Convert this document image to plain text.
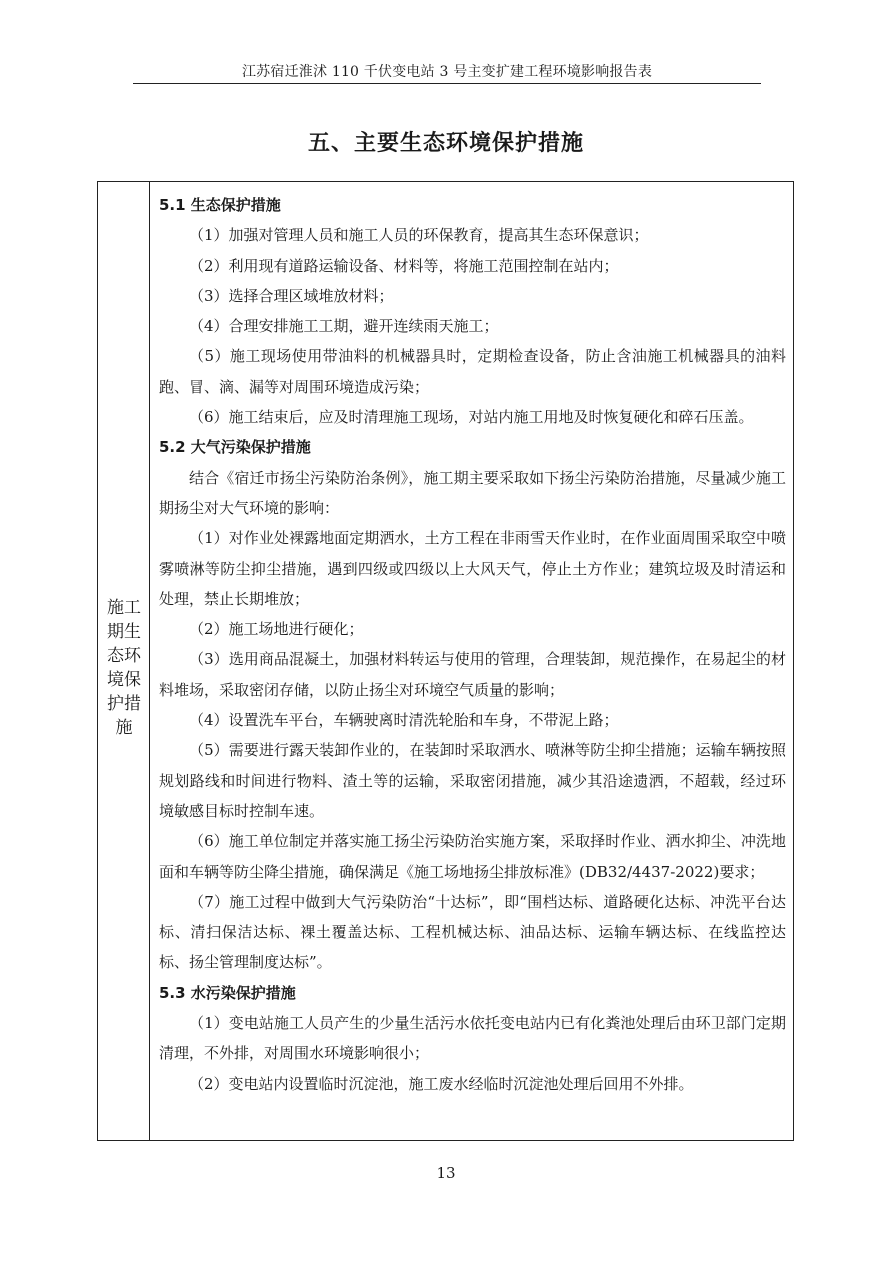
江苏宿迁淮沭 110 千伏变电站 3 号主变扩建工程环境影响报告表
五、主要生态环境保护措施
施工期生态环境保护措施

5.1 生态保护措施

（1）加强对管理人员和施工人员的环保教育，提高其生态环保意识；

（2）利用现有道路运输设备、材料等，将施工范围控制在站内；

（3）选择合理区域堆放材料；

（4）合理安排施工工期，避开连续雨天施工；

（5）施工现场使用带油料的机械器具时，定期检查设备，防止含油施工机械器具的油料跑、冒、滴、漏等对周围环境造成污染；

（6）施工结束后，应及时清理施工现场，对站内施工用地及时恢复硬化和碎石压盖。

5.2 大气污染保护措施

结合《宿迁市扬尘污染防治条例》，施工期主要采取如下扬尘污染防治措施，尽量减少施工期扬尘对大气环境的影响：

（1）对作业处裸露地面定期洒水，土方工程在非雨雪天作业时，在作业面周围采取空中喷雾喷淋等防尘抑尘措施，遇到四级或四级以上大风天气，停止土方作业；建筑垃圾及时清运和处理，禁止长期堆放；

（2）施工场地进行硬化；

（3）选用商品混凝土，加强材料转运与使用的管理，合理装卸，规范操作，在易起尘的材料堆场，采取密闭存储，以防止扬尘对环境空气质量的影响；

（4）设置洗车平台，车辆驶离时清洗轮胎和车身，不带泥上路；

（5）需要进行露天装卸作业的，在装卸时采取洒水、喷淋等防尘抑尘措施；运输车辆按照规划路线和时间进行物料、渣土等的运输，采取密闭措施，减少其沿途遗洒，不超载，经过环境敏感目标时控制车速。

（6）施工单位制定并落实施工扬尘污染防治实施方案，采取择时作业、洒水抑尘、冲洗地面和车辆等防尘降尘措施，确保满足《施工场地扬尘排放标准》(DB32/4437-2022)要求；

（7）施工过程中做到大气污染防治“十达标”，即“围档达标、道路硬化达标、冲洗平台达标、清扫保洁达标、裸土覆盖达标、工程机械达标、油品达标、运输车辆达标、在线监控达标、扬尘管理制度达标”。

5.3 水污染保护措施

（1）变电站施工人员产生的少量生活污水依托变电站内已有化粪池处理后由环卫部门定期清理，不外排，对周围水环境影响很小；

（2）变电站内设置临时沉淀池，施工废水经临时沉淀池处理后回用不外排。

13
